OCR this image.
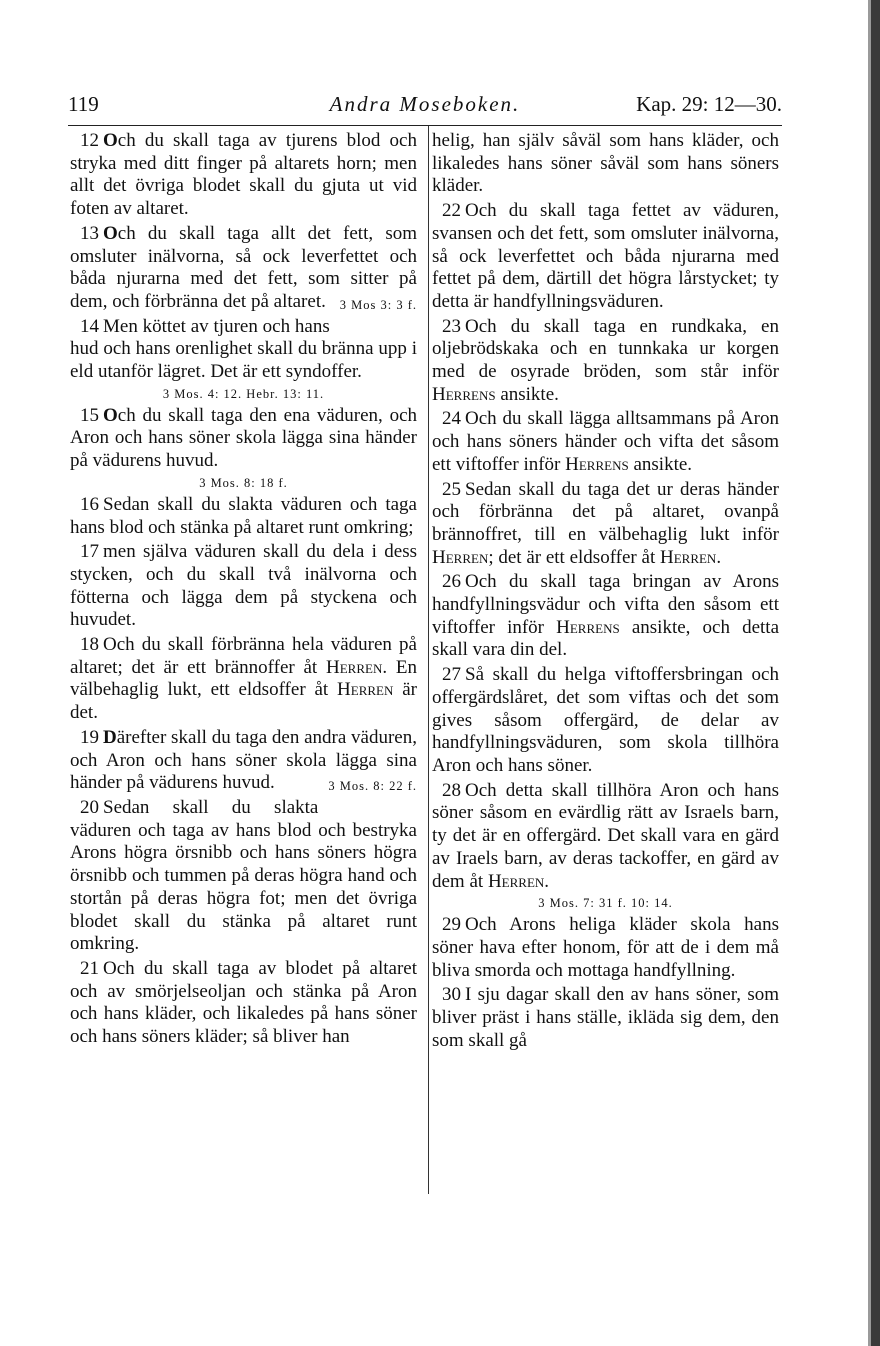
119	Andra Moseboken.	Kap. 29: 12—30.

12 Och du skall taga av tjurens blod och stryka med ditt finger på altarets horn; men allt det övriga blodet skall du gjuta ut vid foten av altaret.

13 Och du skall taga allt det fett, som omsluter inälvorna, så ock leverfettet och båda njurarna med det fett, som sitter på dem, och förbränna det på altaret.	3 Mos 3: 3 f.

14 Men köttet av tjuren och hans hud och hans orenlighet skall du bränna upp i eld utanför lägret. Det är ett syndoffer.

3 Mos. 4: 12. Hebr. 13: 11.

15 Och du skall taga den ena väduren, och Aron och hans söner skola lägga sina händer på vädurens huvud.

3 Mos. 8: 18 f.

16 Sedan skall du slakta väduren och taga hans blod och stänka på altaret runt omkring;

17 men själva väduren skall du dela i dess stycken, och du skall två inälvorna och fötterna och lägga dem på styckena och huvudet.

18 Och du skall förbränna hela väduren på altaret; det är ett brännoffer åt Herren. En välbehaglig lukt, ett eldsoffer åt Herren är det.

19 Därefter skall du taga den andra väduren, och Aron och hans söner skola lägga sina händer på vädurens huvud.	3 Mos. 8: 22 f.

20 Sedan skall du slakta väduren och taga av hans blod och bestryka Arons högra örsnibb och hans söners högra örsnibb och tummen på deras högra hand och stortån på deras högra fot; men det övriga blodet skall du stänka på altaret runt omkring.

21 Och du skall taga av blodet på altaret och av smörjelseoljan och stänka på Aron och hans kläder, och likaledes på hans söner och hans söners kläder; så bliver han

helig, han själv såväl som hans kläder, och likaledes hans söner såväl som hans söners kläder.

22 Och du skall taga fettet av väduren, svansen och det fett, som omsluter inälvorna, så ock leverfettet och båda njurarna med fettet på dem, därtill det högra lårstycket; ty detta är handfyllningsväduren.

23 Och du skall taga en rundkaka, en oljebrödskaka och en tunnkaka ur korgen med de osyrade bröden, som står inför Herrens ansikte.

24 Och du skall lägga alltsammans på Aron och hans söners händer och vifta det såsom ett viftoffer inför Herrens ansikte.

25 Sedan skall du taga det ur deras händer och förbränna det på altaret, ovanpå brännoffret, till en välbehaglig lukt inför Herren; det är ett eldsoffer åt Herren.

26 Och du skall taga bringan av Arons handfyllningsvädur och vifta den såsom ett viftoffer inför Herrens ansikte, och detta skall vara din del.

27 Så skall du helga viftoffersbringan och offergärdslåret, det som viftas och det som gives såsom offergärd, de delar av handfyllningsväduren, som skola tillhöra Aron och hans söner.

28 Och detta skall tillhöra Aron och hans söner såsom en evärdlig rätt av Israels barn, ty det är en offergärd. Det skall vara en gärd av Iraels barn, av deras tackoffer, en gärd av dem åt Herren.

3 Mos. 7: 31 f. 10: 14.

29 Och Arons heliga kläder skola hans söner hava efter honom, för att de i dem må bliva smorda och mottaga handfyllning.

30 I sju dagar skall den av hans söner, som bliver präst i hans ställe, ikläda sig dem, den som skall gå
